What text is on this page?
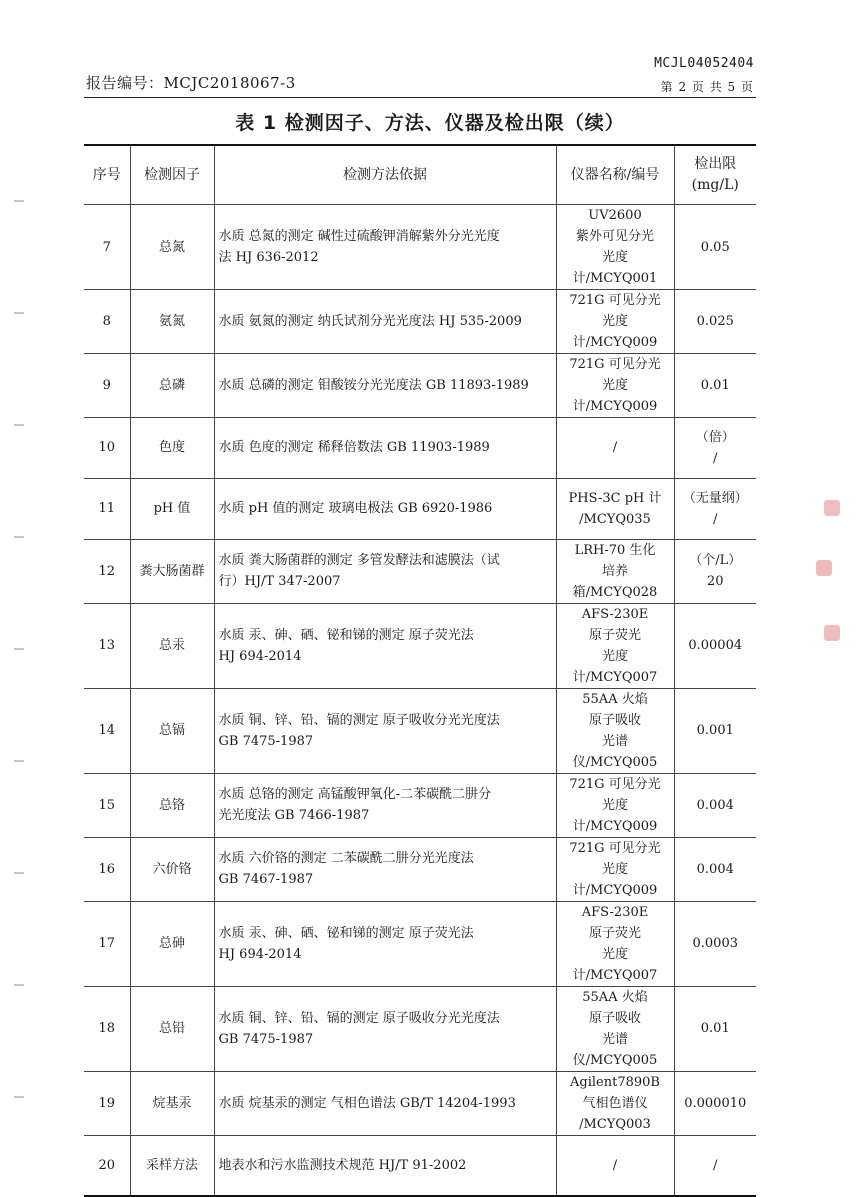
MCJL04052404
第 2 页 共 5 页
报告编号：MCJC2018067-3
表 1 检测因子、方法、仪器及检出限（续）
序号	检测因子	检测方法依据	仪器名称/编号	检出限
(mg/L)

7	总氮	水质 总氮的测定 碱性过硫酸钾消解紫外分光光度
法 HJ 636-2012	UV2600
紫外可见分光
光度计/MCYQ001	0.05

8	氨氮	水质 氨氮的测定 纳氏试剂分光光度法 HJ 535-2009	721G 可见分光
光度计/MCYQ009	0.025

9	总磷	水质 总磷的测定 钼酸铵分光光度法 GB 11893-1989	721G 可见分光
光度计/MCYQ009	0.01

10	色度	水质 色度的测定 稀释倍数法 GB 11903-1989	/	（倍）
/

11	pH 值	水质 pH 值的测定 玻璃电极法 GB 6920-1986	PHS-3C pH 计
/MCYQ035	（无量纲）
/

12	粪大肠菌群	水质 粪大肠菌群的测定 多管发酵法和滤膜法（试
行）HJ/T 347-2007	LRH-70 生化
培养箱/MCYQ028	（个/L）
20

13	总汞	水质 汞、砷、硒、铋和锑的测定 原子荧光法
HJ 694-2014	AFS-230E
原子荧光
光度计/MCYQ007	0.00004

14	总镉	水质 铜、锌、铅、镉的测定 原子吸收分光光度法
GB 7475-1987	55AA 火焰
原子吸收
光谱仪/MCYQ005	0.001

15	总铬	水质 总铬的测定 高锰酸钾氧化-二苯碳酰二肼分
光光度法 GB 7466-1987	721G 可见分光
光度计/MCYQ009	0.004

16	六价铬	水质 六价铬的测定 二苯碳酰二肼分光光度法
GB 7467-1987	721G 可见分光
光度计/MCYQ009	0.004

17	总砷	水质 汞、砷、硒、铋和锑的测定 原子荧光法
HJ 694-2014	AFS-230E
原子荧光
光度计/MCYQ007	0.0003

18	总铅	水质 铜、锌、铅、镉的测定 原子吸收分光光度法
GB 7475-1987	55AA 火焰
原子吸收
光谱仪/MCYQ005	0.01

19	烷基汞	水质 烷基汞的测定 气相色谱法 GB/T 14204-1993	Agilent7890B
气相色谱仪
/MCYQ003	0.000010

20	采样方法	地表水和污水监测技术规范 HJ/T 91-2002	/	/
